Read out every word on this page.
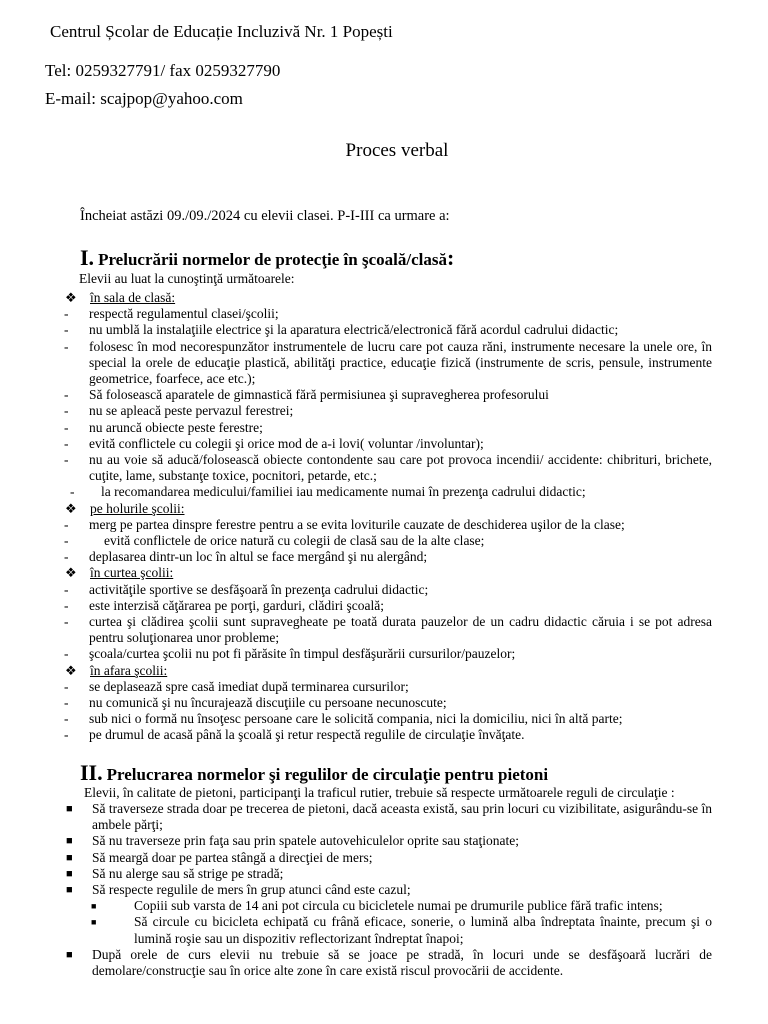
Centrul Școlar de Educație Incluzivă Nr. 1 Popești
Tel: 0259327791/ fax 0259327790
E-mail: scajpop@yahoo.com
Proces verbal
Încheiat astăzi 09./09./2024 cu elevii clasei. P-I-III ca urmare a:
I. Prelucrării normelor de protecţie în şcoală/clasă:
Elevii au luat la cunoştinţă următoarele:
❖ în sala de clasă:
-	respectă regulamentul clasei/şcolii;
-	nu umblă la instalaţiile electrice şi la aparatura electrică/electronică fără acordul cadrului didactic;
-	folosesc în mod necorespunzător instrumentele de lucru care pot cauza răni, instrumente necesare la unele ore, în special la orele de educaţie plastică, abilităţi practice, educaţie fizică (instrumente de scris, pensule, instrumente geometrice, foarfece, ace etc.);
-	Să folosească aparatele de gimnastică fără permisiunea şi supravegherea profesorului
-	nu se apleacă peste pervazul ferestrei;
-	nu aruncă obiecte peste ferestre;
-	evită conflictele cu colegii şi orice mod de a-i lovi( voluntar /involuntar);
-	nu au voie să aducă/folosească obiecte contondente sau care pot provoca incendii/ accidente: chibrituri, brichete, cuţite, lame, substanţe toxice, pocnitori, petarde, etc.;
-	la recomandarea medicului/familiei iau medicamente numai în prezenţa cadrului didactic;
❖ pe holurile şcolii:
-	merg pe partea dinspre ferestre pentru a se evita loviturile cauzate de deschiderea uşilor de la clase;
-	evită conflictele de orice natură cu colegii de clasă sau de la alte clase;
-	deplasarea dintr-un loc în altul se face mergând şi nu alergând;
❖ în curtea şcolii:
-	activităţile sportive se desfăşoară în prezenţa cadrului didactic;
-	este interzisă căţărarea pe porţi, garduri, clădiri şcoală;
-	curtea şi clădirea şcolii sunt supravegheate pe toată durata pauzelor de un cadru didactic căruia i se pot adresa pentru soluţionarea unor probleme;
-	şcoala/curtea şcolii nu pot fi părăsite în timpul desfăşurării cursurilor/pauzelor;
❖ în afara şcolii:
-	se deplasează spre casă imediat după terminarea cursurilor;
-	nu comunică şi nu încurajează discuţiile cu persoane necunoscute;
-	sub nici o formă nu însoţesc persoane care le solicită compania, nici la domiciliu, nici în altă parte;
-	pe drumul de acasă până la şcoală şi retur respectă regulile de circulaţie învăţate.
II. Prelucrarea normelor şi regulilor de circulaţie pentru pietoni
Elevii, în calitate de pietoni, participanţi la traficul rutier, trebuie să respecte următoarele reguli de circulaţie :
■	Să traverseze strada doar pe trecerea de pietoni, dacă aceasta există, sau prin locuri cu vizibilitate, asigurându-se în ambele părţi;
■	Să nu traverseze prin faţa sau prin spatele autovehiculelor oprite sau staţionate;
■	Să meargă doar pe partea stângă a direcţiei de mers;
■	Să nu alerge sau să strige pe stradă;
■	Să respecte regulile de mers în grup atunci când este cazul;
■	Copiii sub varsta de 14 ani pot circula cu bicicletele numai pe drumurile publice fără trafic intens;
■	Să circule cu bicicleta echipată cu frână eficace, sonerie, o lumină alba îndreptata înainte, precum şi o lumină roşie sau un dispozitiv reflectorizant îndreptat înapoi;
■	După orele de curs elevii nu trebuie să se joace pe stradă, în locuri unde se desfăşoară lucrări de demolare/construcţie sau în orice alte zone în care există riscul provocării de accidente.
